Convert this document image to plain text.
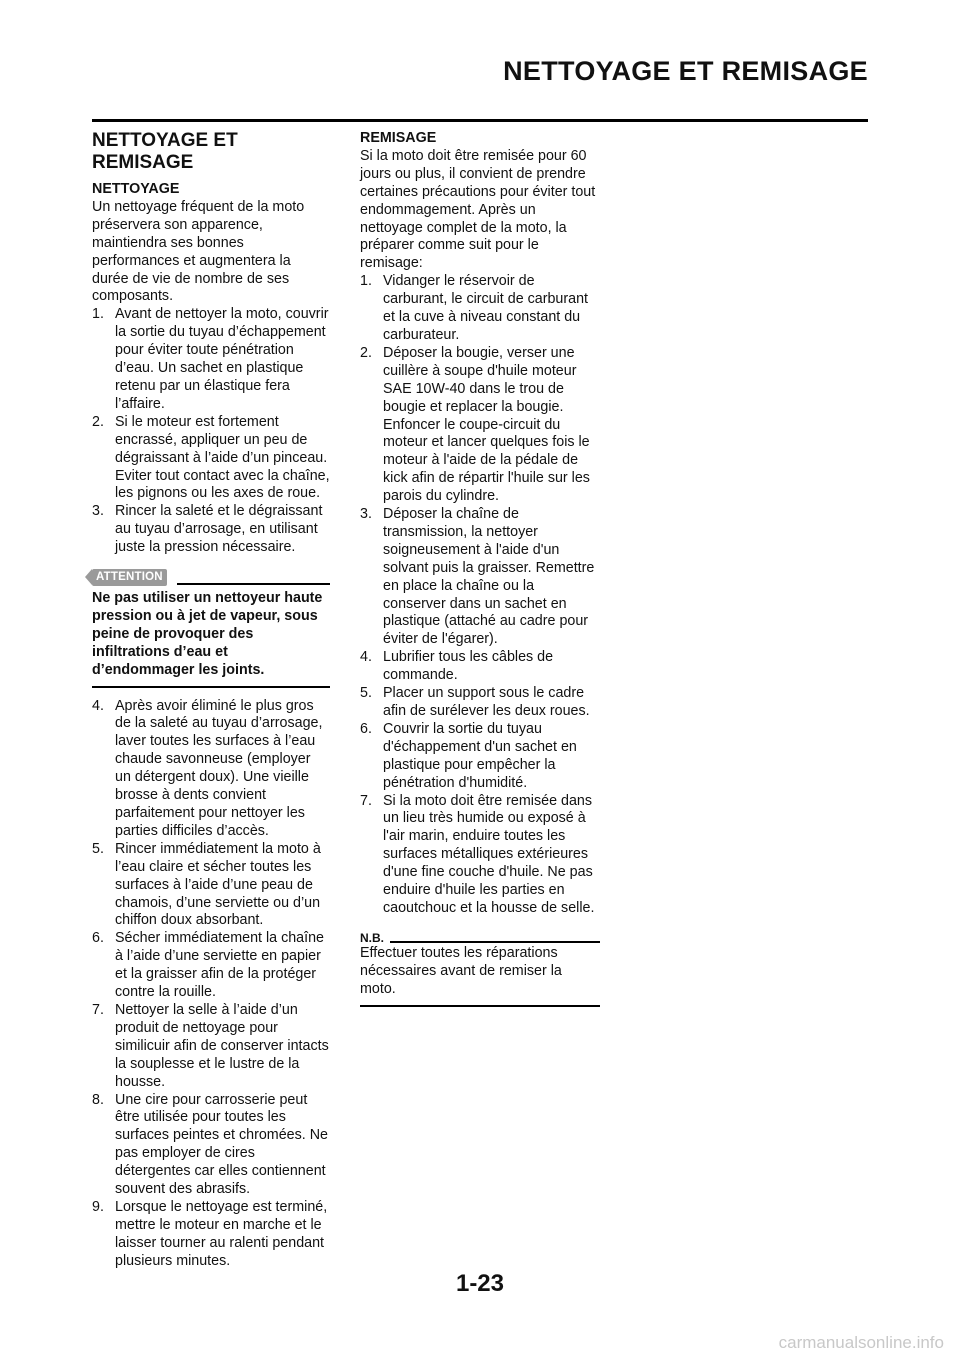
NETTOYAGE ET REMISAGE
NETTOYAGE ET REMISAGE

NETTOYAGE

Un nettoyage fréquent de la moto préservera son apparence, maintiendra ses bonnes performances et augmentera la durée de vie de nombre de ses composants.

1. Avant de nettoyer la moto, couvrir la sortie du tuyau d’échappement pour éviter toute pénétration d’eau. Un sachet en plastique retenu par un élastique fera l’affaire.
2. Si le moteur est fortement encrassé, appliquer un peu de dégraissant à l’aide d’un pinceau. Eviter tout contact avec la chaîne, les pignons ou les axes de roue.
3. Rincer la saleté et le dégraissant au tuyau d’arrosage, en utilisant juste la pression nécessaire.
ATTENTION

Ne pas utiliser un nettoyeur haute pression ou à jet de vapeur, sous peine de provoquer des infiltrations d’eau et d’endommager les joints.

4. Après avoir éliminé le plus gros de la saleté au tuyau d’arrosage, laver toutes les surfaces à l’eau chaude savonneuse (employer un détergent doux). Une vieille brosse à dents convient parfaitement pour nettoyer les parties difficiles d’accès.
5. Rincer immédiatement la moto à l’eau claire et sécher toutes les surfaces à l’aide d’une peau de chamois, d’une serviette ou d’un chiffon doux absorbant.
6. Sécher immédiatement la chaîne à l’aide d’une serviette en papier et la graisser afin de la protéger contre la rouille.
7. Nettoyer la selle à l’aide d’un produit de nettoyage pour similicuir afin de conserver intacts la souplesse et le lustre de la housse.
8. Une cire pour carrosserie peut être utilisée pour toutes les surfaces peintes et chromées. Ne pas employer de cires détergentes car elles contiennent souvent des abrasifs.
9. Lorsque le nettoyage est terminé, mettre le moteur en marche et le laisser tourner au ralenti pendant plusieurs minutes.

REMISAGE

Si la moto doit être remisée pour 60 jours ou plus, il convient de prendre certaines précautions pour éviter tout endommagement. Après un nettoyage complet de la moto, la préparer comme suit pour le remisage:

1. Vidanger le réservoir de carburant, le circuit de carburant et la cuve à niveau constant du carburateur.
2. Déposer la bougie, verser une cuillère à soupe d'huile moteur SAE 10W-40 dans le trou de bougie et replacer la bougie. Enfoncer le coupe-circuit du moteur et lancer quelques fois le moteur à l'aide de la pédale de kick afin de répartir l'huile sur les parois du cylindre.
3. Déposer la chaîne de transmission, la nettoyer soigneusement à l'aide d'un solvant puis la graisser. Remettre en place la chaîne ou la conserver dans un sachet en plastique (attaché au cadre pour éviter de l'égarer).
4. Lubrifier tous les câbles de commande.
5. Placer un support sous le cadre afin de surélever les deux roues.
6. Couvrir la sortie du tuyau d'échappement d'un sachet en plastique pour empêcher la pénétration d'humidité.
7. Si la moto doit être remisée dans un lieu très humide ou exposé à l'air marin, enduire toutes les surfaces métalliques extérieures d'une fine couche d'huile. Ne pas enduire d'huile les parties en caoutchouc et la housse de selle.
N.B.

Effectuer toutes les réparations nécessaires avant de remiser la moto.

1-23
carmanualsonline.info
